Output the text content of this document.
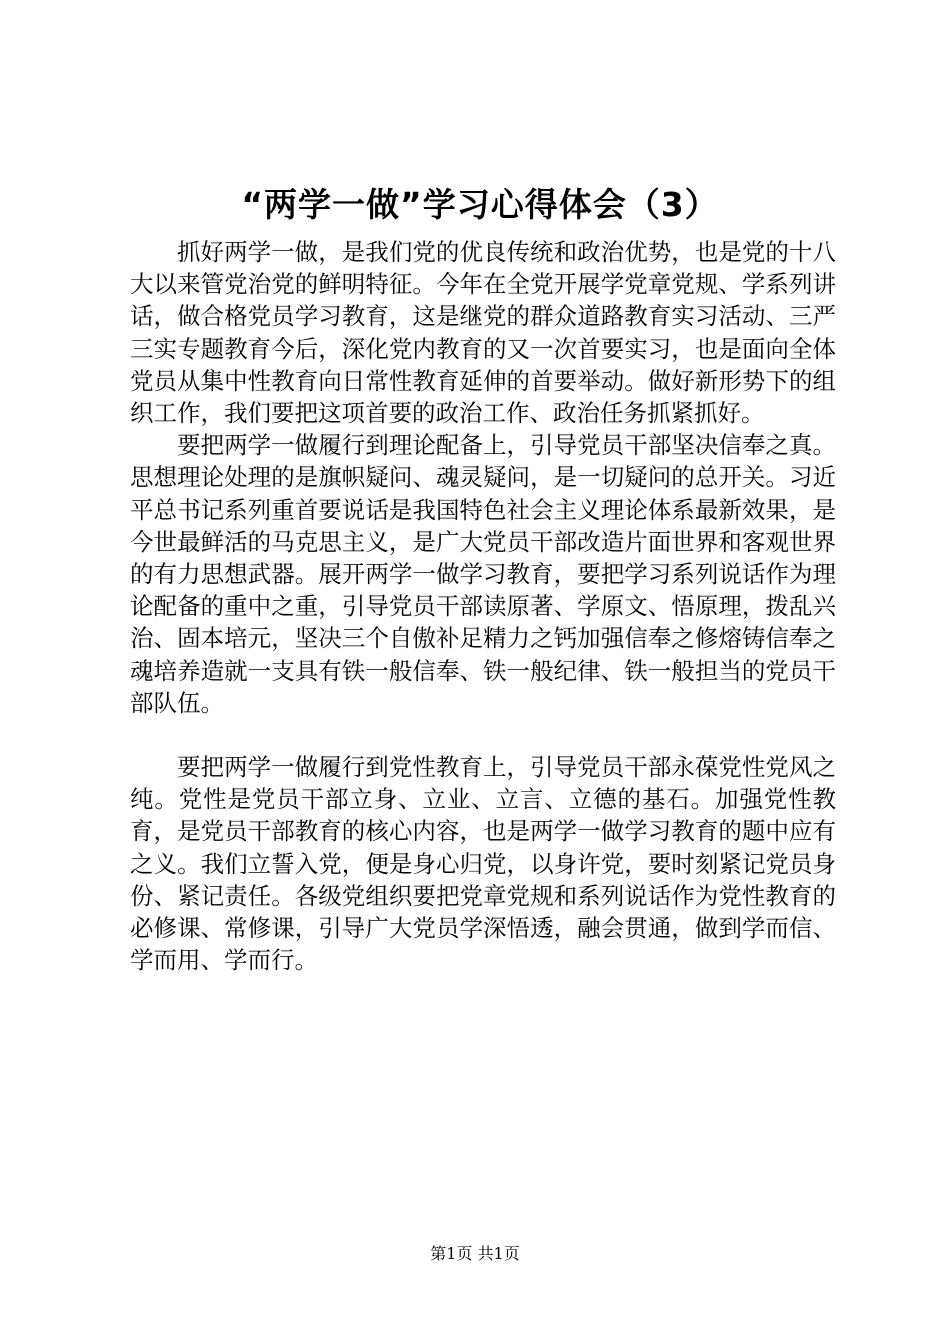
“两学一做”学习心得体会（3）

抓好两学一做，是我们党的优良传统和政治优势，也是党的十八大以来管党治党的鲜明特征。今年在全党开展学党章党规、学系列讲话，做合格党员学习教育，这是继党的群众道路教育实习活动、三严三实专题教育今后，深化党内教育的又一次首要实习，也是面向全体党员从集中性教育向日常性教育延伸的首要举动。做好新形势下的组织工作，我们要把这项首要的政治工作、政治任务抓紧抓好。

要把两学一做履行到理论配备上，引导党员干部坚决信奉之真。思想理论处理的是旗帜疑问、魂灵疑问，是一切疑问的总开关。习近平总书记系列重首要说话是我国特色社会主义理论体系最新效果，是今世最鲜活的马克思主义，是广大党员干部改造片面世界和客观世界的有力思想武器。展开两学一做学习教育，要把学习系列说话作为理论配备的重中之重，引导党员干部读原著、学原文、悟原理，拨乱兴治、固本培元，坚决三个自傲补足精力之钙加强信奉之修熔铸信奉之魂培养造就一支具有铁一般信奉、铁一般纪律、铁一般担当的党员干部队伍。

要把两学一做履行到党性教育上，引导党员干部永葆党性党风之纯。党性是党员干部立身、立业、立言、立德的基石。加强党性教育，是党员干部教育的核心内容，也是两学一做学习教育的题中应有之义。我们立誓入党，便是身心归党，以身许党，要时刻紧记党员身份、紧记责任。各级党组织要把党章党规和系列说话作为党性教育的必修课、常修课，引导广大党员学深悟透，融会贯通，做到学而信、学而用、学而行。

第1页 共1页
